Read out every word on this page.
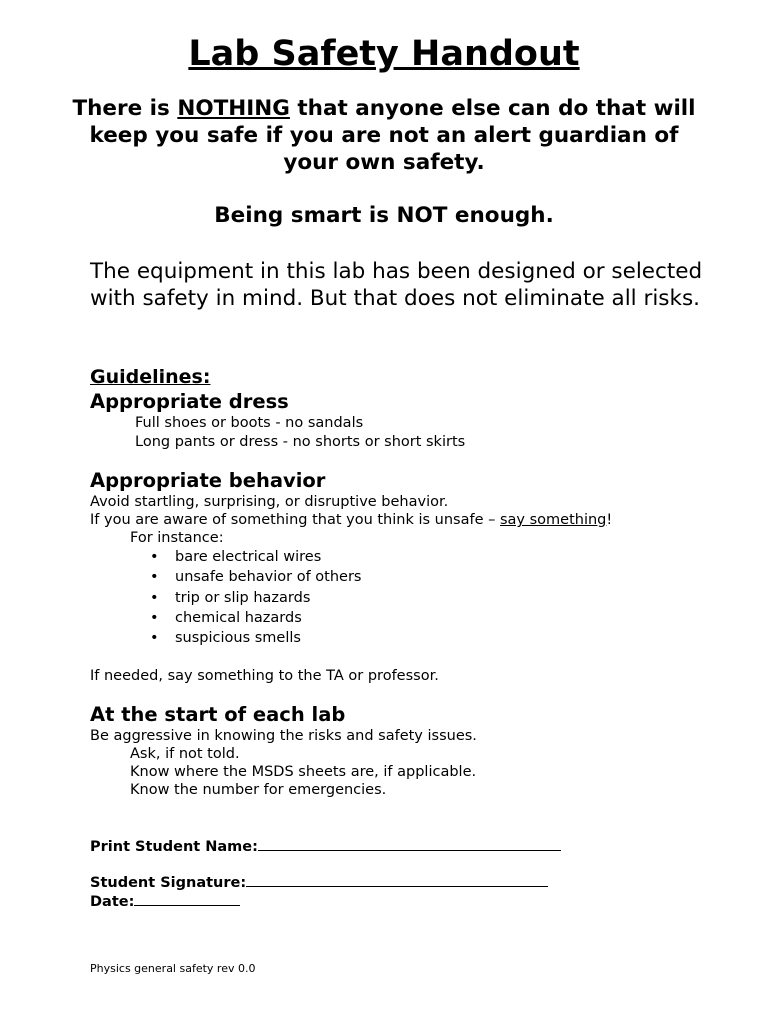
Lab Safety Handout

There is NOTHING that anyone else can do that will keep you safe if you are not an alert guardian of your own safety.

Being smart is NOT enough.

The equipment in this lab has been designed or selected with safety in mind. But that does not eliminate all risks.

Guidelines:

Appropriate dress

Full shoes or boots - no sandals

Long pants or dress - no shorts or short skirts

Appropriate behavior

Avoid startling, surprising, or disruptive behavior.

If you are aware of something that you think is unsafe – say something!

For instance:

• bare electrical wires
• unsafe behavior of others
• trip or slip hazards
• chemical hazards
• suspicious smells

If needed, say something to the TA or professor.

At the start of each lab

Be aggressive in knowing the risks and safety issues.

Ask, if not told.

Know where the MSDS sheets are, if applicable.

Know the number for emergencies.

Print Student Name:

Student Signature:

Date:

Physics general safety rev 0.0
